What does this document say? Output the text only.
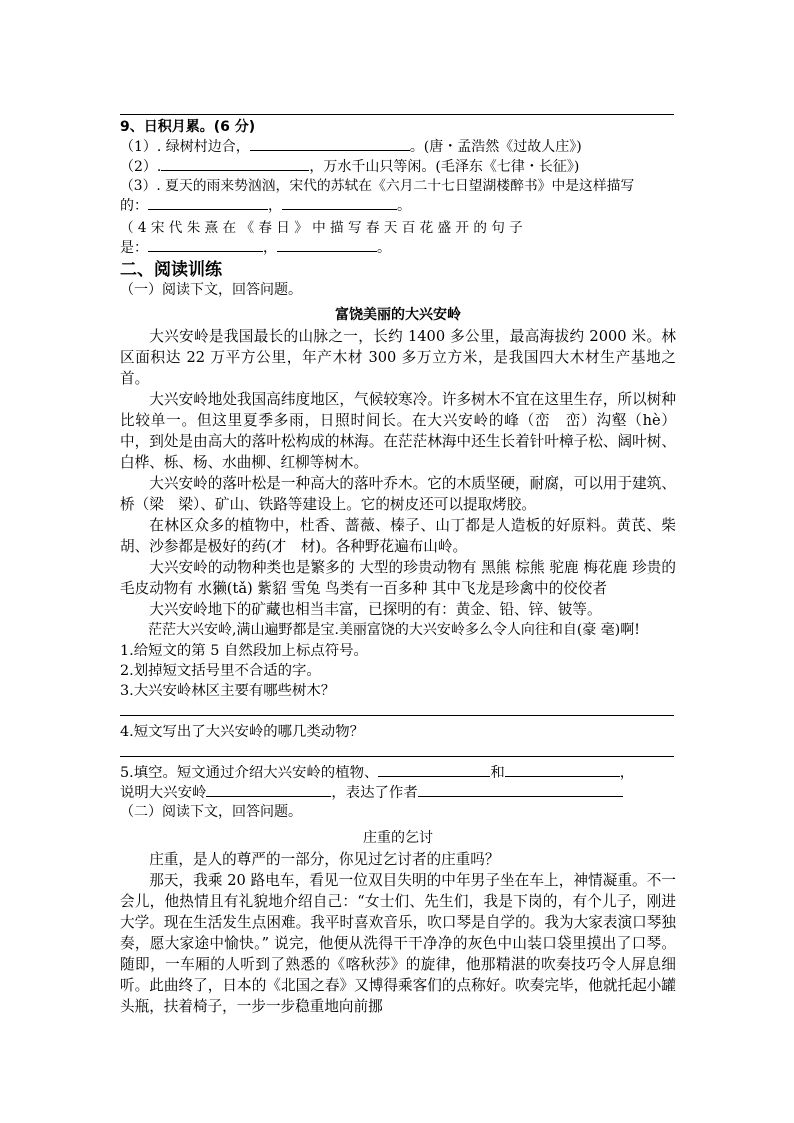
9、日积月累。(6 分)
（1）. 绿树村边合，	。(唐・孟浩然《过故人庄》)
（2）.	，万水千山只等闲。(毛泽东《七律・长征》)
（3）. 夏天的雨来势汹汹，宋代的苏轼在《六月二十七日望湖楼醉书》中是这样描写
的：	，	。
（ 4 宋 代 朱 熹 在 《 春 日 》 中 描 写 春 天 百 花 盛 开 的 句 子
是：	，	。
二、阅读训练
（一）阅读下文，回答问题。
富饶美丽的大兴安岭
大兴安岭是我国最长的山脉之一，长约 1400 多公里，最高海拔约 2000 米。林区面积达 22 万平方公里，年产木材 300 多万立方米，是我国四大木材生产基地之首。
大兴安岭地处我国高纬度地区，气候较寒冷。许多树木不宜在这里生存，所以树种比较单一。但这里夏季多雨，日照时间长。在大兴安岭的峰（峦　峦）沟壑（hè）中，到处是由高大的落叶松构成的林海。在茫茫林海中还生长着针叶樟子松、阔叶树、白桦、栎、杨、水曲柳、红柳等树木。
大兴安岭的落叶松是一种高大的落叶乔木。它的木质坚硬，耐腐，可以用于建筑、桥（梁　梁）、矿山、铁路等建设上。它的树皮还可以提取烤胶。
在林区众多的植物中，杜香、蔷薇、榛子、山丁都是人造板的好原料。黄芪、柴胡、沙参都是极好的药(才　材)。各种野花遍布山岭。
大兴安岭的动物种类也是繁多的 大型的珍贵动物有 黑熊 棕熊 驼鹿 梅花鹿 珍贵的毛皮动物有 水獭(tǎ) 紫貂 雪兔 鸟类有一百多种 其中飞龙是珍禽中的佼佼者
大兴安岭地下的矿藏也相当丰富，已探明的有：黄金、铅、锌、铍等。
茫茫大兴安岭,满山遍野都是宝.美丽富饶的大兴安岭多么令人向往和自(豪 毫)啊!
1.给短文的第 5 自然段加上标点符号。
2.划掉短文括号里不合适的字。
3.大兴安岭林区主要有哪些树木？
4.短文写出了大兴安岭的哪几类动物？
5.填空。短文通过介绍大兴安岭的植物、	和	，
说明大兴安岭	，表达了作者
（二）阅读下文，回答问题。
庄重的乞讨
庄重，是人的尊严的一部分，你见过乞讨者的庄重吗？
那天，我乘 20 路电车，看见一位双目失明的中年男子坐在车上，神情凝重。不一会儿，他热情且有礼貌地介绍自己：“女士们、先生们，我是下岗的，有个儿子，刚进大学。现在生活发生点困难。我平时喜欢音乐，吹口琴是自学的。我为大家表演口琴独奏，愿大家途中愉快。” 说完，他便从洗得干干净净的灰色中山装口袋里摸出了口琴。随即，一车厢的人听到了熟悉的《喀秋莎》的旋律，他那精湛的吹奏技巧令人屏息细听。此曲终了，日本的《北国之春》又博得乘客们的点称好。吹奏完毕，他就托起小罐头瓶，扶着椅子，一步一步稳重地向前挪
